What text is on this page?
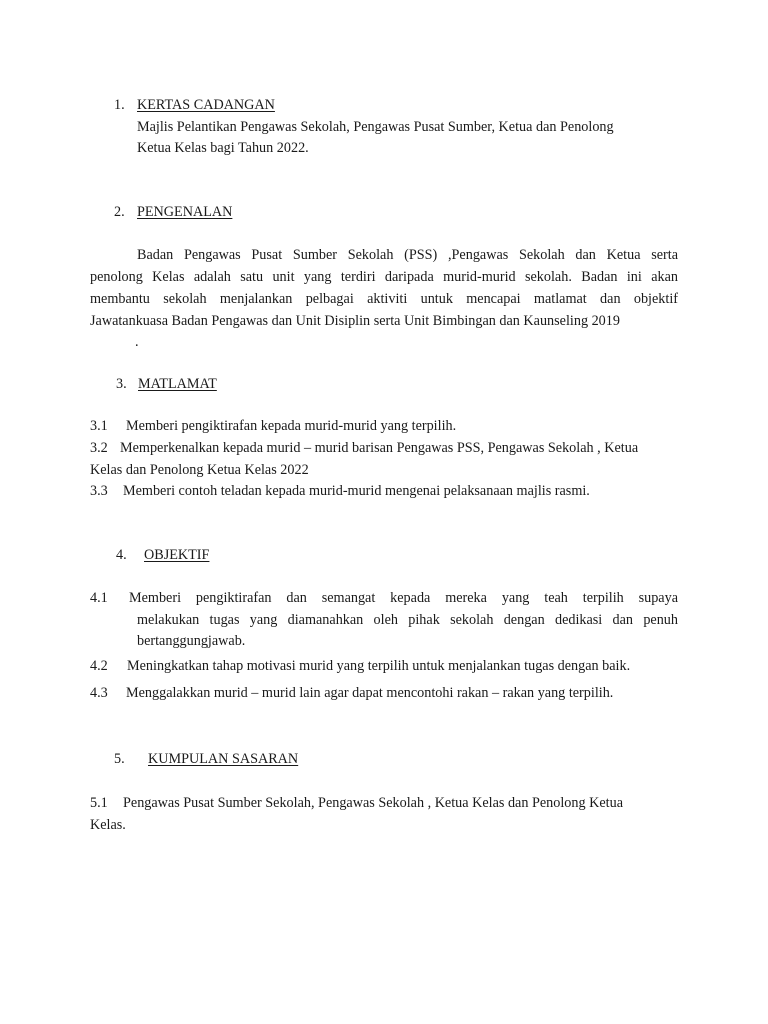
1. KERTAS CADANGAN
Majlis Pelantikan Pengawas Sekolah, Pengawas Pusat Sumber, Ketua dan Penolong
Ketua Kelas bagi Tahun 2022.
2. PENGENALAN
Badan Pengawas Pusat Sumber Sekolah (PSS) ,Pengawas Sekolah dan Ketua serta
penolong Kelas adalah satu unit yang terdiri daripada murid-murid sekolah. Badan ini akan
membantu sekolah menjalankan pelbagai aktiviti untuk mencapai matlamat dan objektif
Jawatankuasa Badan Pengawas dan Unit Disiplin serta Unit Bimbingan dan Kaunseling 2019
.
3. MATLAMAT
3.1 Memberi pengiktirafan kepada murid-murid yang terpilih.
3.2 Memperkenalkan kepada murid – murid barisan Pengawas PSS, Pengawas Sekolah , Ketua
Kelas dan Penolong Ketua Kelas 2022
3.3 Memberi contoh teladan kepada murid-murid mengenai pelaksanaan majlis rasmi.
4. OBJEKTIF
4.1 Memberi pengiktirafan dan semangat kepada mereka yang teah terpilih supaya
melakukan tugas yang diamanahkan oleh pihak sekolah dengan dedikasi dan penuh
bertanggungjawab.
4.2 Meningkatkan tahap motivasi murid yang terpilih untuk menjalankan tugas dengan baik.
4.3 Menggalakkan murid – murid lain agar dapat mencontohi rakan – rakan yang terpilih.
5. KUMPULAN SASARAN
5.1 Pengawas Pusat Sumber Sekolah, Pengawas Sekolah , Ketua Kelas dan Penolong Ketua
Kelas.
